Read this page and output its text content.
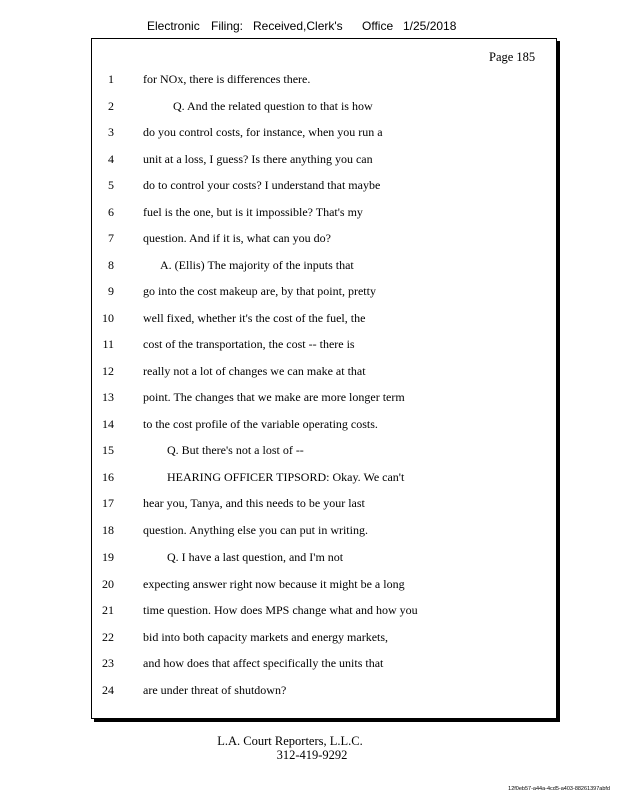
Electronic Filing: Received,Clerk's Office 1/25/2018
Page 185
1 for NOx, there is differences there.
2	Q. And the related question to that is how
3 do you control costs, for instance, when you run a
4 unit at a loss, I guess? Is there anything you can
5 do to control your costs? I understand that maybe
6 fuel is the one, but is it impossible? That's my
7 question. And if it is, what can you do?
8	A. (Ellis) The majority of the inputs that
9 go into the cost makeup are, by that point, pretty
10 well fixed, whether it's the cost of the fuel, the
11 cost of the transportation, the cost -- there is
12 really not a lot of changes we can make at that
13 point. The changes that we make are more longer term
14 to the cost profile of the variable operating costs.
15	Q. But there's not a lost of --
16	HEARING OFFICER TIPSORD: Okay. We can't
17 hear you, Tanya, and this needs to be your last
18 question. Anything else you can put in writing.
19	Q. I have a last question, and I'm not
20 expecting answer right now because it might be a long
21 time question. How does MPS change what and how you
22 bid into both capacity markets and energy markets,
23 and how does that affect specifically the units that
24 are under threat of shutdown?
L.A. Court Reporters, L.L.C.
312-419-9292
12f0eb57-a44a-4cd5-a403-88261397abfd
